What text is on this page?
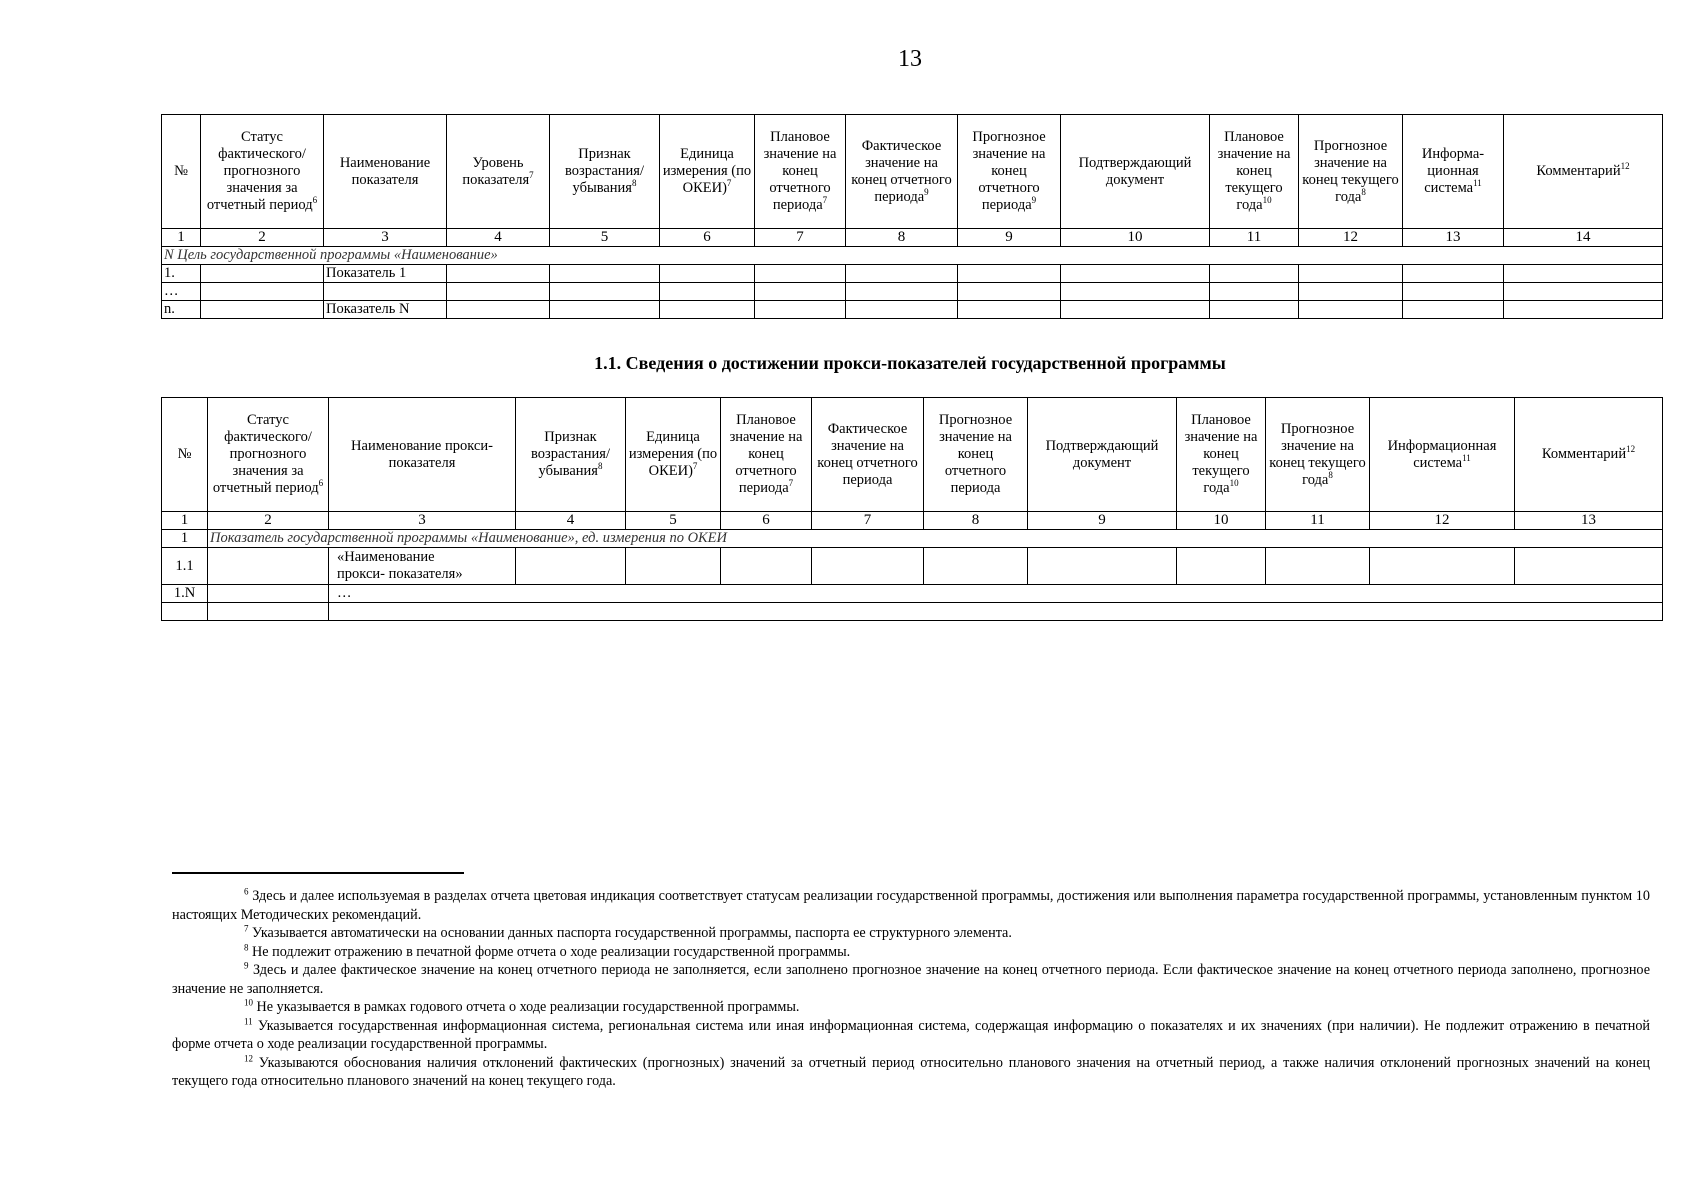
13
№	Статус фактического/ прогнозного значения за отчетный период$^6$	Наименование показателя	Уровень показателя$^7$	Признак возрастания/ убывания$^8$	Единица измерения (по ОКЕИ)$^7$	Плановое значение на конец отчетного периода$^7$	Фактическое значение на конец отчетного периода$^9$	Прогнозное значение на конец отчетного периода$^9$	Подтверждающий документ	Плановое значение на конец текущего года$^{10}$	Прогнозное значение на конец текущего года$^8$	Информа-ционная система$^{11}$	Комментарий$^{12}$
1	2	3	4	5	6	7	8	9	10	11	12	13	14
N Цель государственной программы «Наименование»													
1.		Показатель 1											
…													
n.		Показатель N											
1.1. Сведения о достижении прокси-показателей государственной программы
№	Статус фактического/ прогнозного значения за отчетный период$^6$	Наименование прокси-показателя	Признак возрастания/ убывания$^8$	Единица измерения (по ОКЕИ)$^7$	Плановое значение на конец отчетного периода$^7$	Фактическое значение на конец отчетного периода	Прогнозное значение на конец отчетного периода	Подтверждающий документ	Плановое значение на конец текущего года$^{10}$	Прогнозное значение на конец текущего года$^8$	Информационная система$^{11}$	Комментарий$^{12}$
1	2	3	4	5	6	7	8	9	10	11	12	13
1	Показатель государственной программы «Наименование», ед. измерения по ОКЕИ											
1.1		«Наименование прокси- показателя»										
1.N		…										

$^6$ Здесь и далее используемая в разделах отчета цветовая индикация соответствует статусам реализации государственной программы, достижения или выполнения параметра государственной программы, установленным пунктом 10 настоящих Методических рекомендаций.

$^7$ Указывается автоматически на основании данных паспорта государственной программы, паспорта ее структурного элемента.

$^8$ Не подлежит отражению в печатной форме отчета о ходе реализации государственной программы.

$^9$ Здесь и далее фактическое значение на конец отчетного периода не заполняется, если заполнено прогнозное значение на конец отчетного периода. Если фактическое значение на конец отчетного периода заполнено, прогнозное значение не заполняется.

$^{10}$ Не указывается в рамках годового отчета о ходе реализации государственной программы.

$^{11}$ Указывается государственная информационная система, региональная система или иная информационная система, содержащая информацию о показателях и их значениях (при наличии). Не подлежит отражению в печатной форме отчета о ходе реализации государственной программы.

$^{12}$ Указываются обоснования наличия отклонений фактических (прогнозных) значений за отчетный период относительно планового значения на отчетный период, а также наличия отклонений прогнозных значений на конец текущего года относительно планового значений на конец текущего года.
